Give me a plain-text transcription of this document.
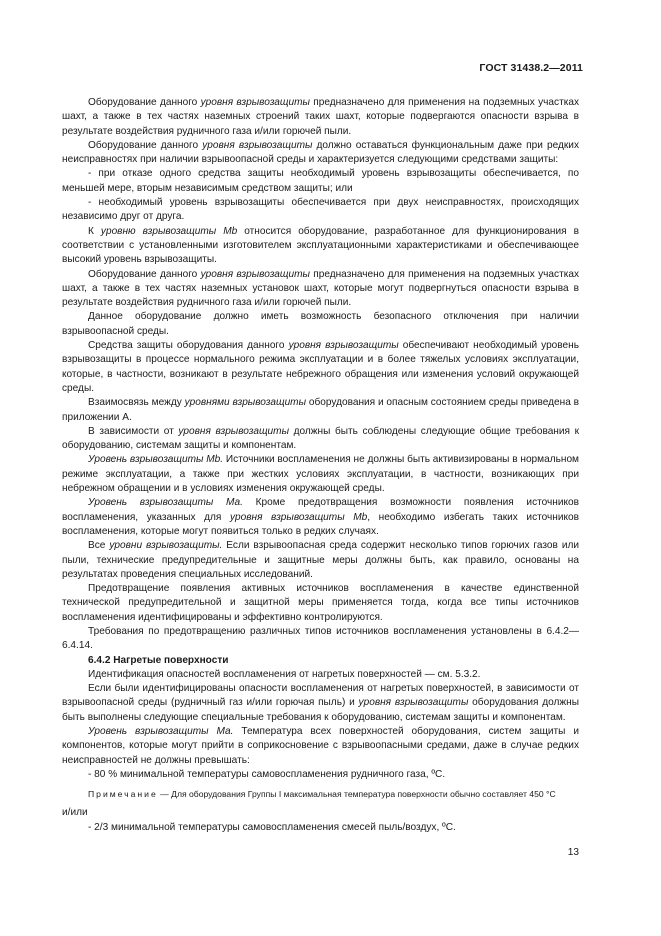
ГОСТ 31438.2—2011

Оборудование данного уровня взрывозащиты предназначено для применения на подземных участках шахт, а также в тех частях наземных строений таких шахт, которые подвергаются опасности взрыва в результате воздействия рудничного газа и/или горючей пыли.

Оборудование данного уровня взрывозащиты должно оставаться функциональным даже при редких неисправностях при наличии взрывоопасной среды и характеризуется следующими средствами защиты:

- при отказе одного средства защиты необходимый уровень взрывозащиты обеспечивается, по меньшей мере, вторым независимым средством защиты; или

- необходимый уровень взрывозащиты обеспечивается при двух неисправностях, происходящих независимо друг от друга.

К уровню взрывозащиты Mb относится оборудование, разработанное для функционирования в соответствии с установленными изготовителем эксплуатационными характеристиками и обеспечивающее высокий уровень взрывозащиты.

Оборудование данного уровня взрывозащиты предназначено для применения на подземных участках шахт, а также в тех частях наземных установок шахт, которые могут подвергнуться опасности взрыва в результате воздействия рудничного газа и/или горючей пыли.

Данное оборудование должно иметь возможность безопасного отключения при наличии взрывоопасной среды.

Средства защиты оборудования данного уровня взрывозащиты обеспечивают необходимый уровень взрывозащиты в процессе нормального режима эксплуатации и в более тяжелых условиях эксплуатации, которые, в частности, возникают в результате небрежного обращения или изменения условий окружающей среды.

Взаимосвязь между уровнями взрывозащиты оборудования и опасным состоянием среды приведена в приложении А.

В зависимости от уровня взрывозащиты должны быть соблюдены следующие общие требования к оборудованию, системам защиты и компонентам.

Уровень взрывозащиты Mb. Источники воспламенения не должны быть активизированы в нормальном режиме эксплуатации, а также при жестких условиях эксплуатации, в частности, возникающих при небрежном обращении и в условиях изменения окружающей среды.

Уровень взрывозащиты Ma. Кроме предотвращения возможности появления источников воспламенения, указанных для уровня взрывозащиты Mb, необходимо избегать таких источников воспламенения, которые могут появиться только в редких случаях.

Все уровни взрывозащиты. Если взрывоопасная среда содержит несколько типов горючих газов или пыли, технические предупредительные и защитные меры должны быть, как правило, основаны на результатах проведения специальных исследований.

Предотвращение появления активных источников воспламенения в качестве единственной технической предупредительной и защитной меры применяется тогда, когда все типы источников воспламенения идентифицированы и эффективно контролируются.

Требования по предотвращению различных типов источников воспламенения установлены в 6.4.2—6.4.14.

6.4.2 Нагретые поверхности

Идентификация опасностей воспламенения от нагретых поверхностей — см. 5.3.2.

Если были идентифицированы опасности воспламенения от нагретых поверхностей, в зависимости от взрывоопасной среды (рудничный газ и/или горючая пыль) и уровня взрывозащиты оборудования должны быть выполнены следующие специальные требования к оборудованию, системам защиты и компонентам.

Уровень взрывозащиты Ma. Температура всех поверхностей оборудования, систем защиты и компонентов, которые могут прийти в соприкосновение с взрывоопасными средами, даже в случае редких неисправностей не должны превышать:

- 80 % минимальной температуры самовоспламенения рудничного газа, ºC.

Примечание — Для оборудования Группы I максимальная температура поверхности обычно составляет 450 °C

и/или

- 2/3 минимальной температуры самовоспламенения смесей пыль/воздух, ºC.

13
